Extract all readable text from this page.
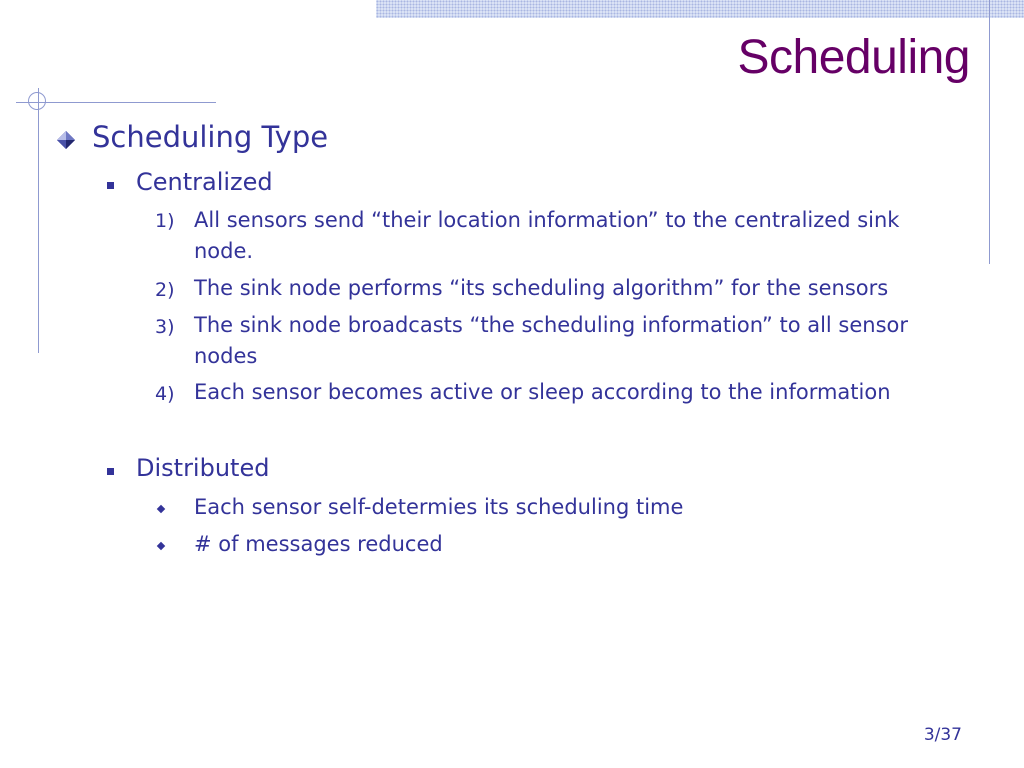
Scheduling
Scheduling Type
Centralized
1) All sensors send “their location information” to the centralized sink node.
2) The sink node performs “its scheduling algorithm” for the sensors
3) The sink node broadcasts “the scheduling information” to all sensor nodes
4) Each sensor becomes active or sleep according to the information
Distributed
Each sensor self-determies its scheduling time
# of messages reduced
3/37
